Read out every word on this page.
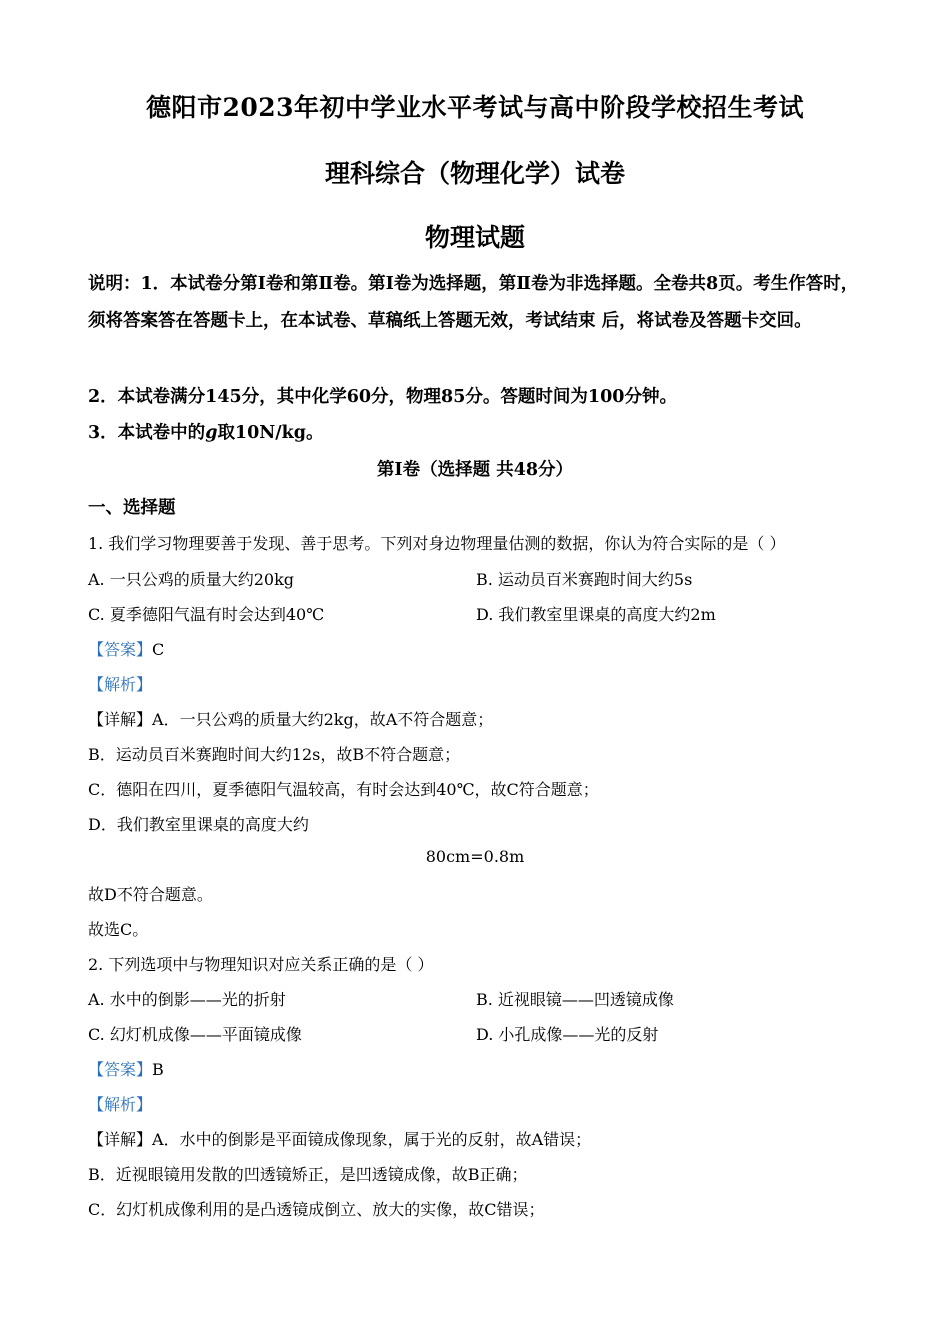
德阳市2023年初中学业水平考试与高中阶段学校招生考试
理科综合（物理化学）试卷
物理试题
说明：1．本试卷分第Ⅰ卷和第Ⅱ卷。第Ⅰ卷为选择题，第Ⅱ卷为非选择题。全卷共8页。考生作答时，须将答案答在答题卡上，在本试卷、草稿纸上答题无效，考试结束 后，将试卷及答题卡交回。
2．本试卷满分145分，其中化学60分，物理85分。答题时间为100分钟。
3．本试卷中的g取10N/kg。
第Ⅰ卷（选择题 共48分）
一、选择题
1. 我们学习物理要善于发现、善于思考。下列对身边物理量估测的数据，你认为符合实际的是（ ）
A. 一只公鸡的质量大约20kg	B. 运动员百米赛跑时间大约5s
C. 夏季德阳气温有时会达到40℃	D. 我们教室里课桌的高度大约2m
【答案】C
【解析】
【详解】A．一只公鸡的质量大约2kg，故A不符合题意；
B．运动员百米赛跑时间大约12s，故B不符合题意；
C．德阳在四川，夏季德阳气温较高，有时会达到40℃，故C符合题意；
D．我们教室里课桌的高度大约
80cm=0.8m
故D不符合题意。
故选C。
2. 下列选项中与物理知识对应关系正确的是（ ）
A. 水中的倒影——光的折射	B. 近视眼镜——凹透镜成像
C. 幻灯机成像——平面镜成像	D. 小孔成像——光的反射
【答案】B
【解析】
【详解】A．水中的倒影是平面镜成像现象，属于光的反射，故A错误；
B．近视眼镜用发散的凹透镜矫正，是凹透镜成像，故B正确；
C．幻灯机成像利用的是凸透镜成倒立、放大的实像，故C错误；
